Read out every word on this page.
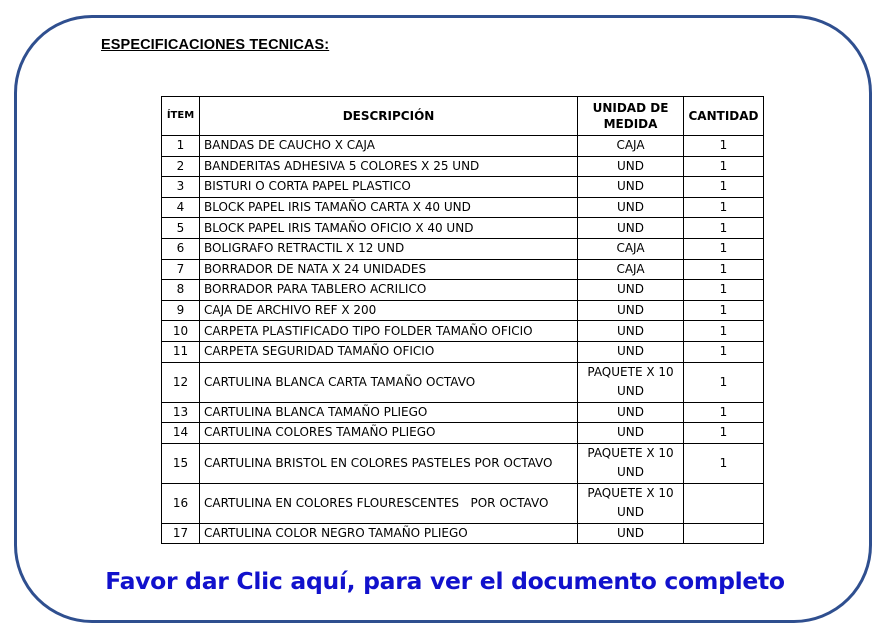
ESPECIFICACIONES TECNICAS:
ÍTEM	DESCRIPCIÓN	UNIDAD DE MEDIDA	CANTIDAD
1	BANDAS DE CAUCHO X CAJA	CAJA	1
2	BANDERITAS ADHESIVA 5 COLORES X 25 UND	UND	1
3	BISTURI O CORTA PAPEL PLASTICO	UND	1
4	BLOCK PAPEL IRIS TAMAÑO CARTA X 40 UND	UND	1
5	BLOCK PAPEL IRIS TAMAÑO OFICIO X 40 UND	UND	1
6	BOLIGRAFO RETRACTIL X 12 UND	CAJA	1
7	BORRADOR DE NATA X 24 UNIDADES	CAJA	1
8	BORRADOR PARA TABLERO ACRILICO	UND	1
9	CAJA DE ARCHIVO REF X 200	UND	1
10	CARPETA PLASTIFICADO TIPO FOLDER TAMAÑO OFICIO	UND	1
11	CARPETA SEGURIDAD TAMAÑO OFICIO	UND	1
12	CARTULINA BLANCA CARTA TAMAÑO OCTAVO	PAQUETE X 10 UND	1
13	CARTULINA BLANCA TAMAÑO PLIEGO	UND	1
14	CARTULINA COLORES TAMAÑO PLIEGO	UND	1
15	CARTULINA BRISTOL EN COLORES PASTELES POR OCTAVO	PAQUETE X 10 UND	1
16	CARTULINA EN COLORES FLOURESCENTES   POR OCTAVO	PAQUETE X 10 UND	
17	CARTULINA COLOR NEGRO TAMAÑO PLIEGO	UND	
Favor dar Clic aquí, para ver el documento completo
